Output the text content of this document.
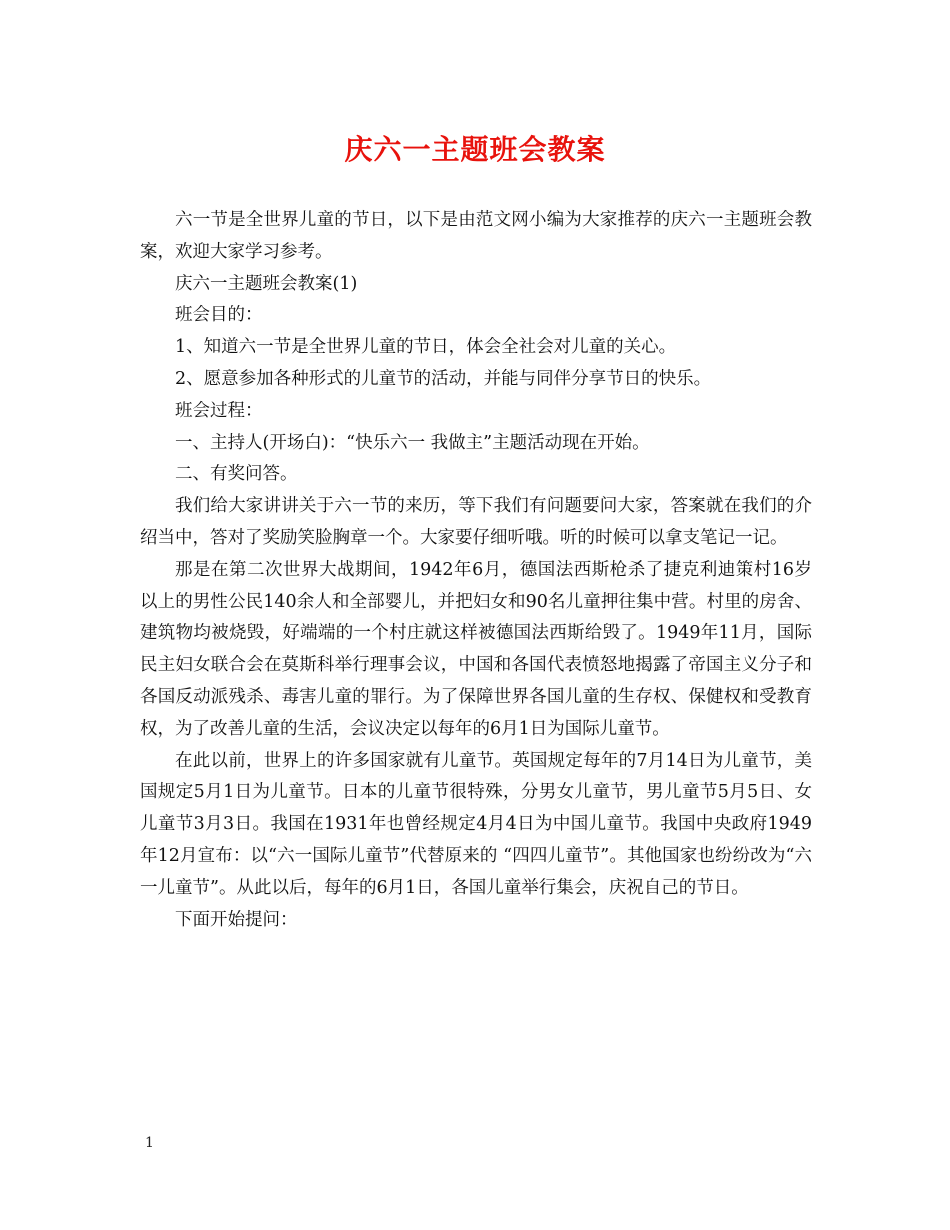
庆六一主题班会教案

六一节是全世界儿童的节日，以下是由范文网小编为大家推荐的庆六一主题班会教案，欢迎大家学习参考。

庆六一主题班会教案(1)

班会目的：

1、知道六一节是全世界儿童的节日，体会全社会对儿童的关心。

2、愿意参加各种形式的儿童节的活动，并能与同伴分享节日的快乐。

班会过程：

一、主持人(开场白)：“快乐六一 我做主”主题活动现在开始。

二、有奖问答。

我们给大家讲讲关于六一节的来历，等下我们有问题要问大家，答案就在我们的介绍当中，答对了奖励笑脸胸章一个。大家要仔细听哦。听的时候可以拿支笔记一记。

那是在第二次世界大战期间，1942年6月，德国法西斯枪杀了捷克利迪策村16岁以上的男性公民140余人和全部婴儿，并把妇女和90名儿童押往集中营。村里的房舍、建筑物均被烧毁，好端端的一个村庄就这样被德国法西斯给毁了。1949年11月，国际民主妇女联合会在莫斯科举行理事会议，中国和各国代表愤怒地揭露了帝国主义分子和各国反动派残杀、毒害儿童的罪行。为了保障世界各国儿童的生存权、保健权和受教育权，为了改善儿童的生活，会议决定以每年的6月1日为国际儿童节。

在此以前，世界上的许多国家就有儿童节。英国规定每年的7月14日为儿童节，美国规定5月1日为儿童节。日本的儿童节很特殊，分男女儿童节，男儿童节5月5日、女儿童节3月3日。我国在1931年也曾经规定4月4日为中国儿童节。我国中央政府1949年12月宣布：以“六一国际儿童节”代替原来的 “四四儿童节”。其他国家也纷纷改为“六一儿童节”。从此以后，每年的6月1日，各国儿童举行集会，庆祝自己的节日。

下面开始提问：

1
